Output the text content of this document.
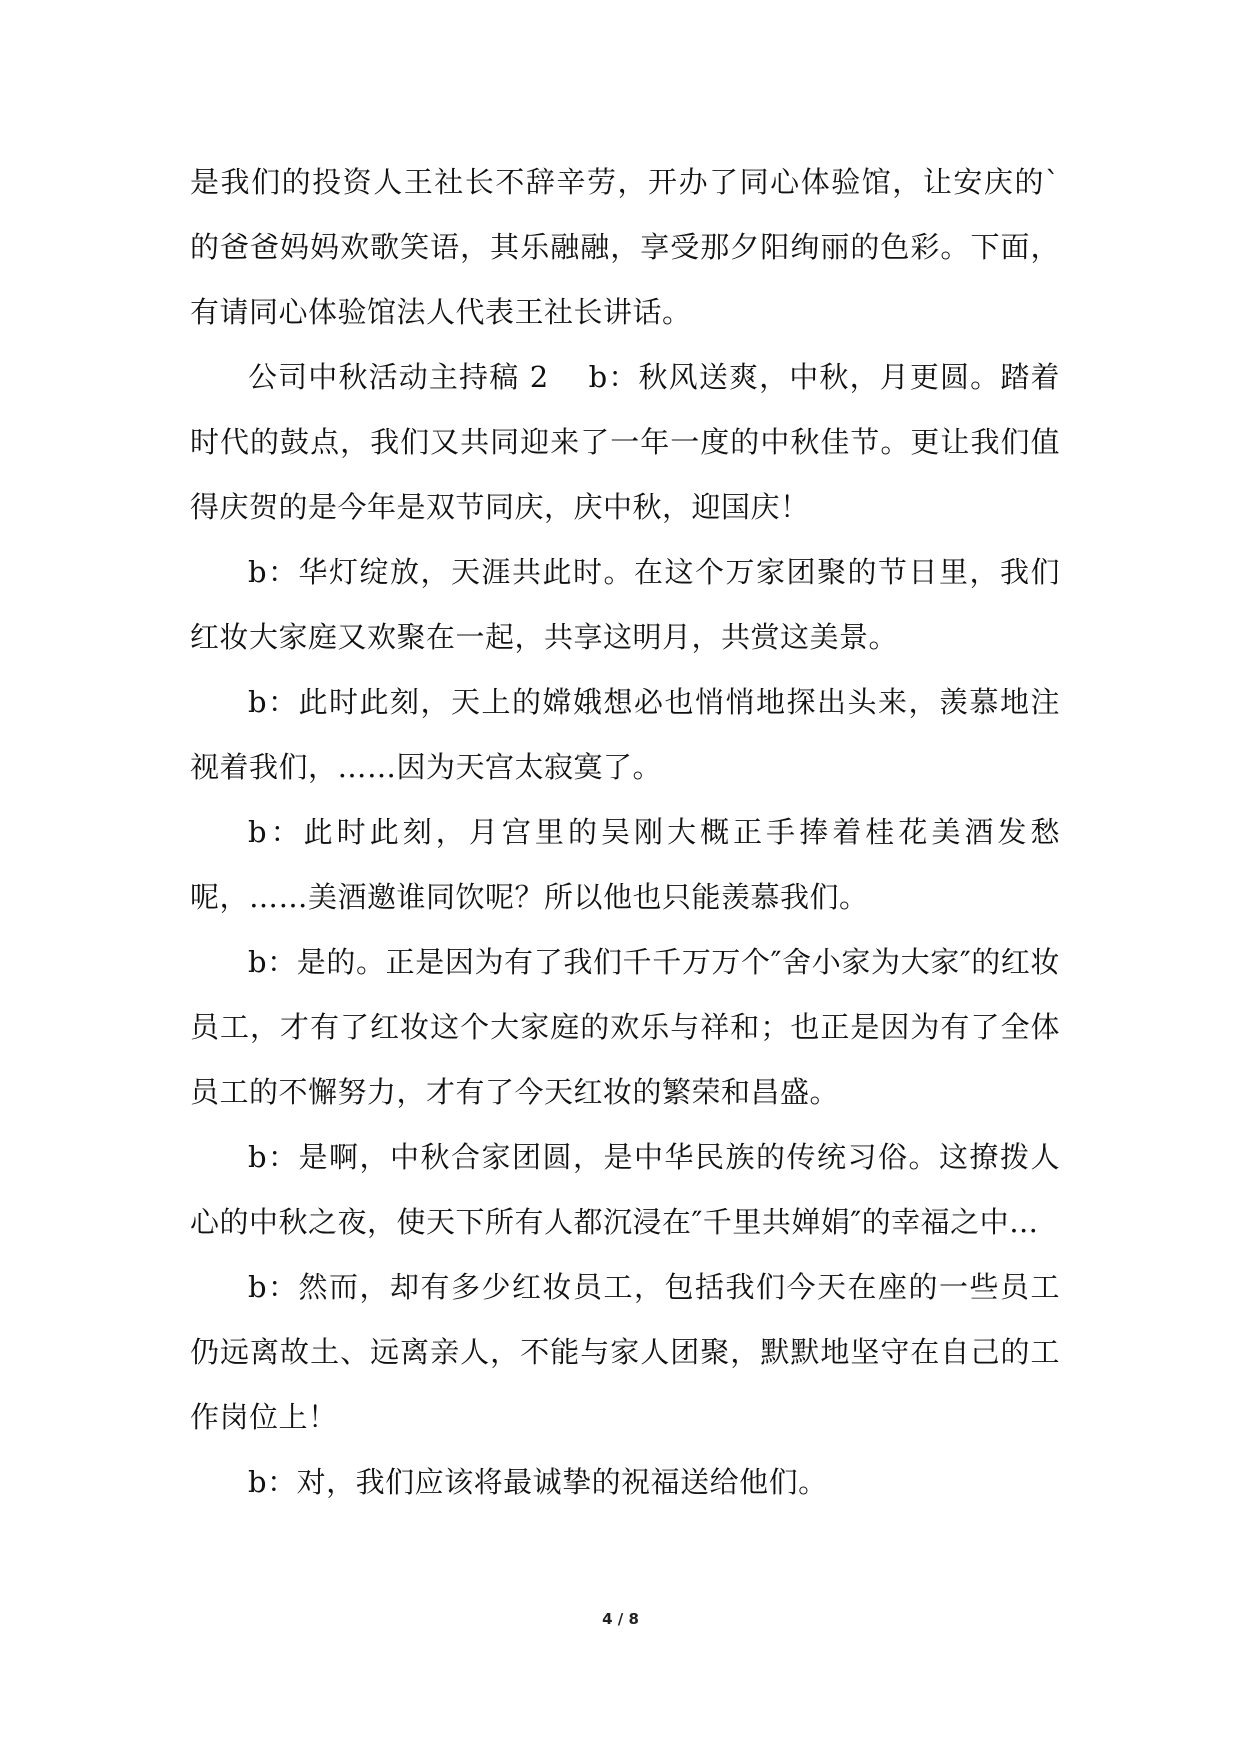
是我们的投资人王社长不辞辛劳，开办了同心体验馆，让安庆的`的爸爸妈妈欢歌笑语，其乐融融，享受那夕阳绚丽的色彩。下面，有请同心体验馆法人代表王社长讲话。

公司中秋活动主持稿 2 b：秋风送爽，中秋，月更圆。踏着时代的鼓点，我们又共同迎来了一年一度的中秋佳节。更让我们值得庆贺的是今年是双节同庆，庆中秋，迎国庆！

b：华灯绽放，天涯共此时。在这个万家团聚的节日里，我们红妆大家庭又欢聚在一起，共享这明月，共赏这美景。

b：此时此刻，天上的嫦娥想必也悄悄地探出头来，羡慕地注视着我们，……因为天宫太寂寞了。

b：此时此刻，月宫里的吴刚大概正手捧着桂花美酒发愁呢，……美酒邀谁同饮呢？所以他也只能羡慕我们。

b：是的。正是因为有了我们千千万万个″舍小家为大家″的红妆员工，才有了红妆这个大家庭的欢乐与祥和；也正是因为有了全体员工的不懈努力，才有了今天红妆的繁荣和昌盛。

b：是啊，中秋合家团圆，是中华民族的传统习俗。这撩拨人心的中秋之夜，使天下所有人都沉浸在″千里共婵娟″的幸福之中…

b：然而，却有多少红妆员工，包括我们今天在座的一些员工仍远离故土、远离亲人，不能与家人团聚，默默地坚守在自己的工作岗位上！

b：对，我们应该将最诚挚的祝福送给他们。

4 / 8
